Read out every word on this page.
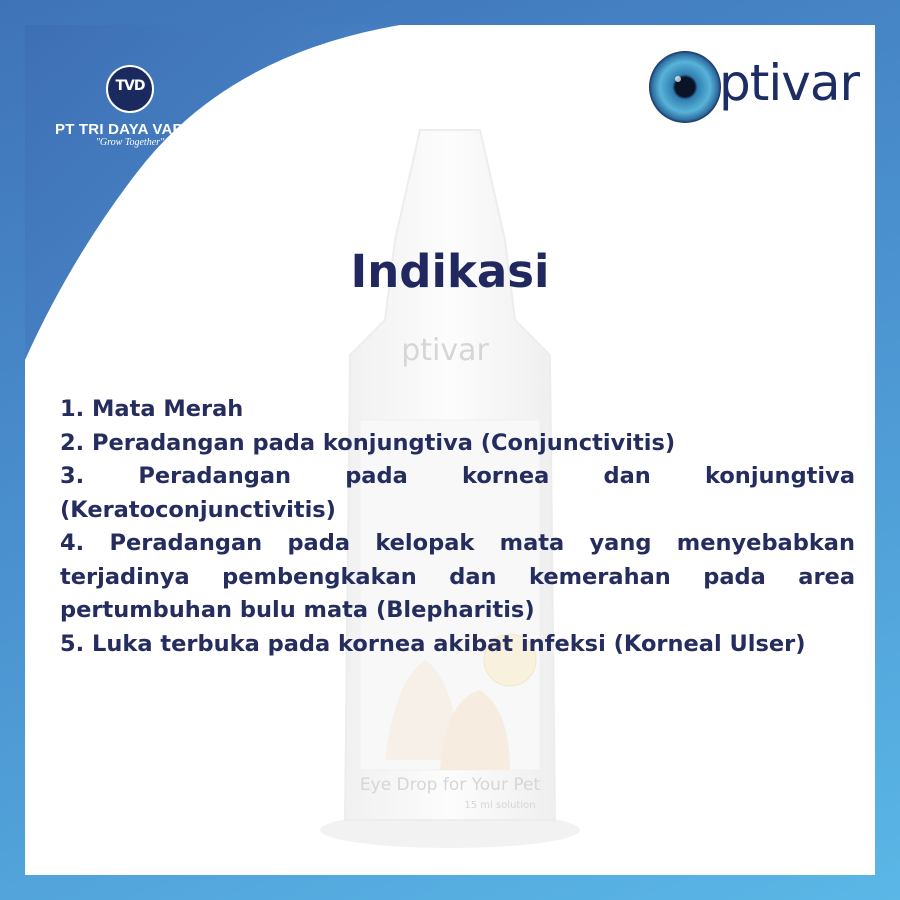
ptivar
Eye Drop for Your Pet
15 ml solution
TVD
PT TRI DAYA VARUNA
"Grow Together"
ptivar
Indikasi

1. Mata Merah

2. Peradangan pada konjungtiva (Conjunctivitis)

3. Peradangan pada kornea dan konjungtiva (Keratoconjunctivitis)

4. Peradangan pada kelopak mata yang menyebabkan terjadinya pembengkakan dan kemerahan pada area pertumbuhan bulu mata (Blepharitis)

5. Luka terbuka pada kornea akibat infeksi (Korneal Ulser)
